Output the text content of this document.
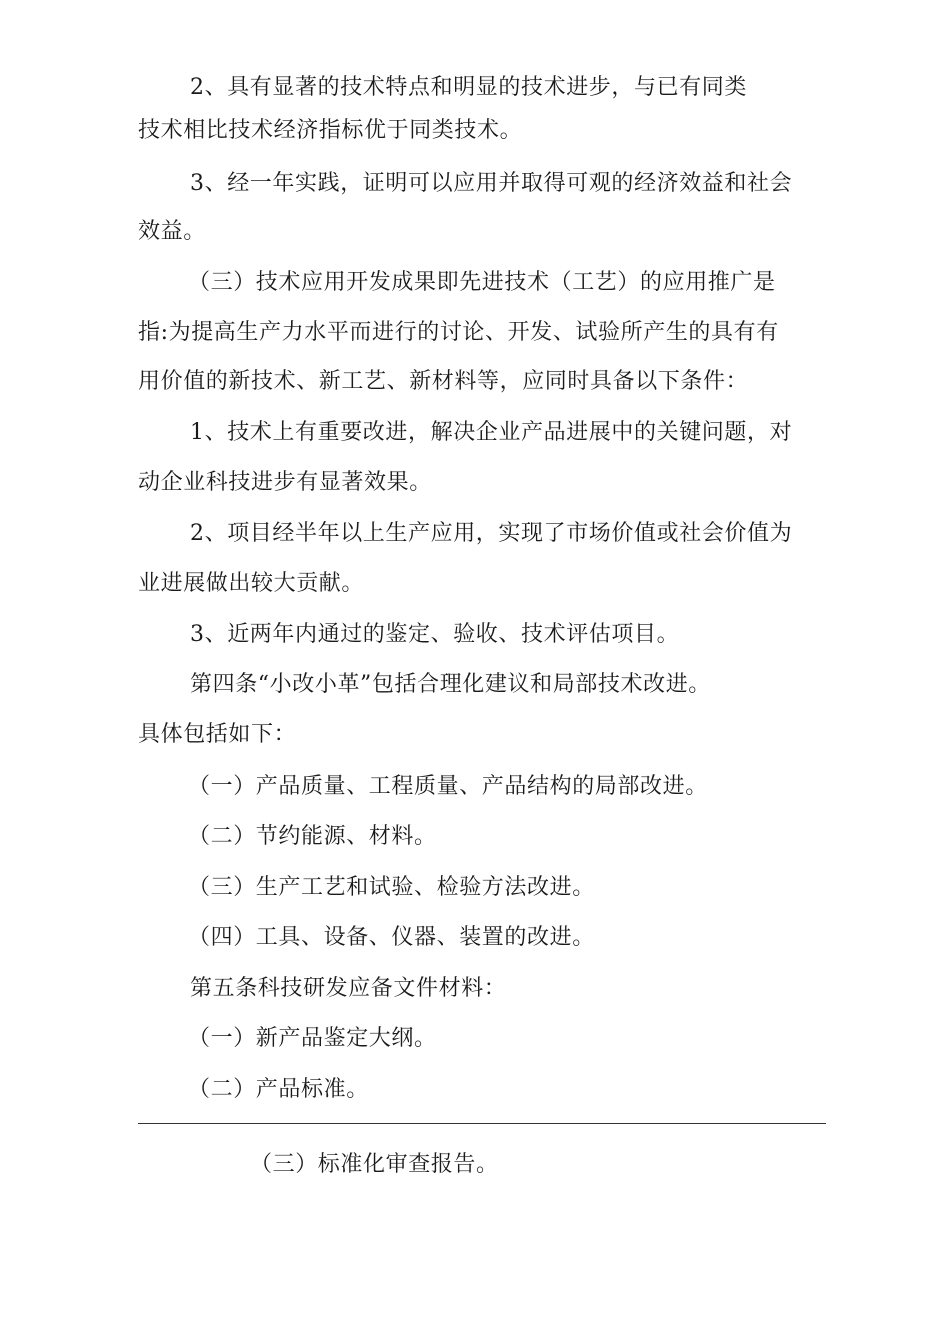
2、具有显著的技术特点和明显的技术进步，与已有同类
技术相比技术经济指标优于同类技术。
3、经一年实践，证明可以应用并取得可观的经济效益和社会
效益。
（三）技术应用开发成果即先进技术（工艺）的应用推广是
指:为提高生产力水平而进行的讨论、开发、试验所产生的具有有
用价值的新技术、新工艺、新材料等，应同时具备以下条件：
1、技术上有重要改进，解决企业产品进展中的关键问题，对
动企业科技进步有显著效果。
2、项目经半年以上生产应用，实现了市场价值或社会价值为
业进展做出较大贡献。
3、近两年内通过的鉴定、验收、技术评估项目。
第四条“小改小革”包括合理化建议和局部技术改进。
具体包括如下：
（一）产品质量、工程质量、产品结构的局部改进。
（二）节约能源、材料。
（三）生产工艺和试验、检验方法改进。
（四）工具、设备、仪器、装置的改进。
第五条科技研发应备文件材料：
（一）新产品鉴定大纲。
（二）产品标准。
（三）标准化审查报告。
